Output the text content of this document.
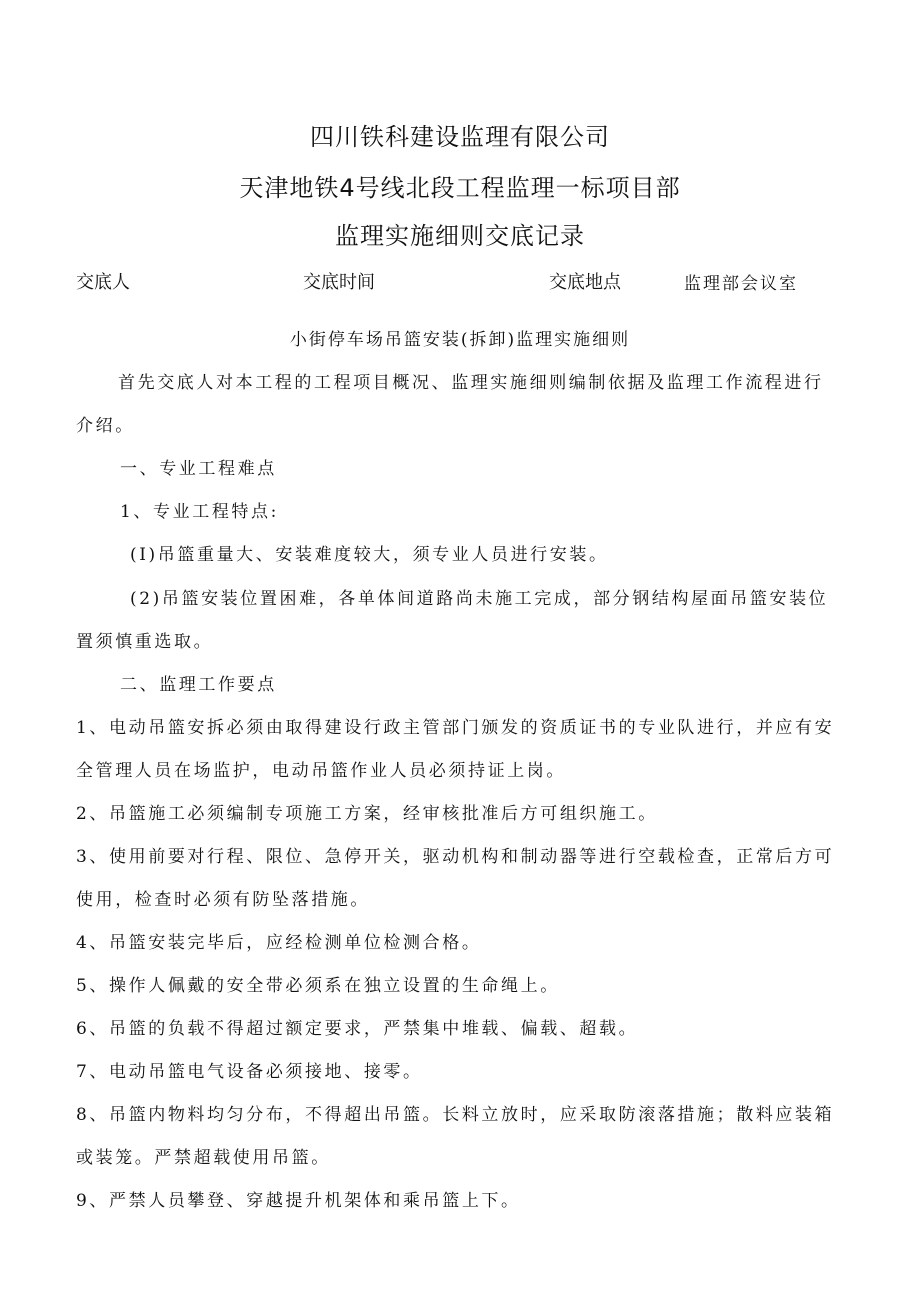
四川铁科建设监理有限公司
天津地铁4号线北段工程监理一标项目部
监理实施细则交底记录
交底人	交底时间	交底地点	监理部会议室
小街停车场吊篮安装(拆卸)监理实施细则
首先交底人对本工程的工程项目概况、监理实施细则编制依据及监理工作流程进行
介绍。
一、专业工程难点
1、专业工程特点:
(I)吊篮重量大、安装难度较大，须专业人员进行安装。
(2)吊篮安装位置困难，各单体间道路尚未施工完成，部分钢结构屋面吊篮安装位
置须慎重选取。
二、监理工作要点
1、电动吊篮安拆必须由取得建设行政主管部门颁发的资质证书的专业队进行，并应有安
全管理人员在场监护，电动吊篮作业人员必须持证上岗。
2、吊篮施工必须编制专项施工方案，经审核批准后方可组织施工。
3、使用前要对行程、限位、急停开关，驱动机构和制动器等进行空载检查，正常后方可
使用，检查时必须有防坠落措施。
4、吊篮安装完毕后，应经检测单位检测合格。
5、操作人佩戴的安全带必须系在独立设置的生命绳上。
6、吊篮的负载不得超过额定要求，严禁集中堆载、偏载、超载。
7、电动吊篮电气设备必须接地、接零。
8、吊篮内物料均匀分布，不得超出吊篮。长料立放时，应采取防滚落措施；散料应装箱
或装笼。严禁超载使用吊篮。
9、严禁人员攀登、穿越提升机架体和乘吊篮上下。
